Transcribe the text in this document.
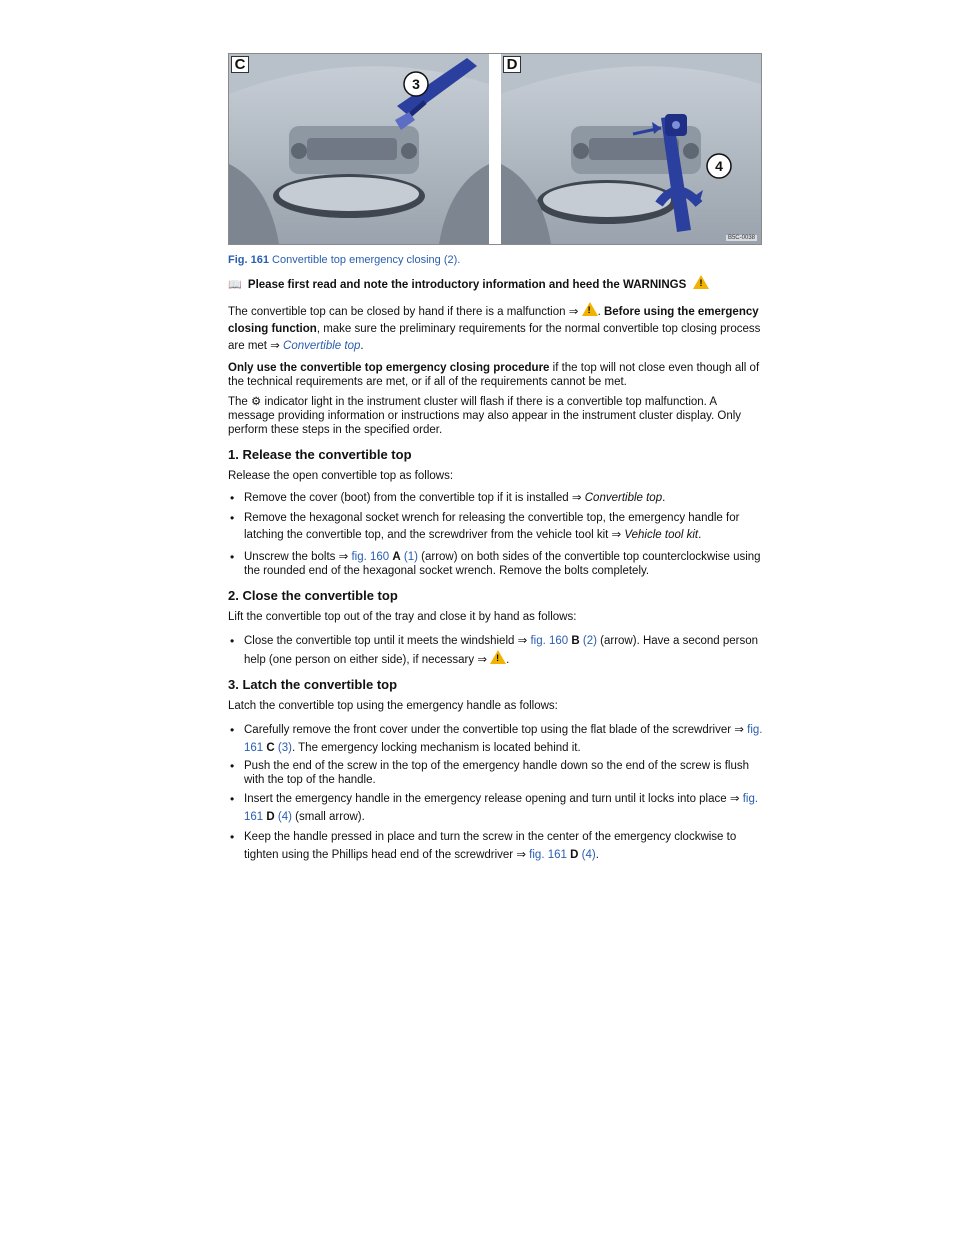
C
3
D
4
B5C-0038
Fig. 161 Convertible top emergency closing (2).

📖 Please first read and note the introductory information and heed the WARNINGS !

The convertible top can be closed by hand if there is a malfunction ⇒ ! . Before using the emergency closing function, make sure the preliminary requirements for the normal convertible top closing process are met ⇒ Convertible top.

Only use the convertible top emergency closing procedure if the top will not close even though all of the technical requirements are met, or if all of the requirements cannot be met.

The ⚙ indicator light in the instrument cluster will flash if there is a convertible top malfunction. A message providing information or instructions may also appear in the instrument cluster display. Only perform these steps in the specified order.

1. Release the convertible top

Release the open convertible top as follows:

• Remove the cover (boot) from the convertible top if it is installed ⇒ Convertible top.
• Remove the hexagonal socket wrench for releasing the convertible top, the emergency handle for latching the convertible top, and the screwdriver from the vehicle tool kit ⇒ Vehicle tool kit.
• Unscrew the bolts ⇒ fig. 160 A (1) (arrow) on both sides of the convertible top counterclockwise using the rounded end of the hexagonal socket wrench. Remove the bolts completely.
2. Close the convertible top

Lift the convertible top out of the tray and close it by hand as follows:

• Close the convertible top until it meets the windshield ⇒ fig. 160 B (2) (arrow). Have a second person help (one person on either side), if necessary ⇒ ! .
3. Latch the convertible top

Latch the convertible top using the emergency handle as follows:

• Carefully remove the front cover under the convertible top using the flat blade of the screwdriver ⇒ fig. 161 C (3). The emergency locking mechanism is located behind it.
• Push the end of the screw in the top of the emergency handle down so the end of the screw is flush with the top of the handle.
• Insert the emergency handle in the emergency release opening and turn until it locks into place ⇒ fig. 161 D (4) (small arrow).
• Keep the handle pressed in place and turn the screw in the center of the emergency clockwise to tighten using the Phillips head end of the screwdriver ⇒ fig. 161 D (4).
